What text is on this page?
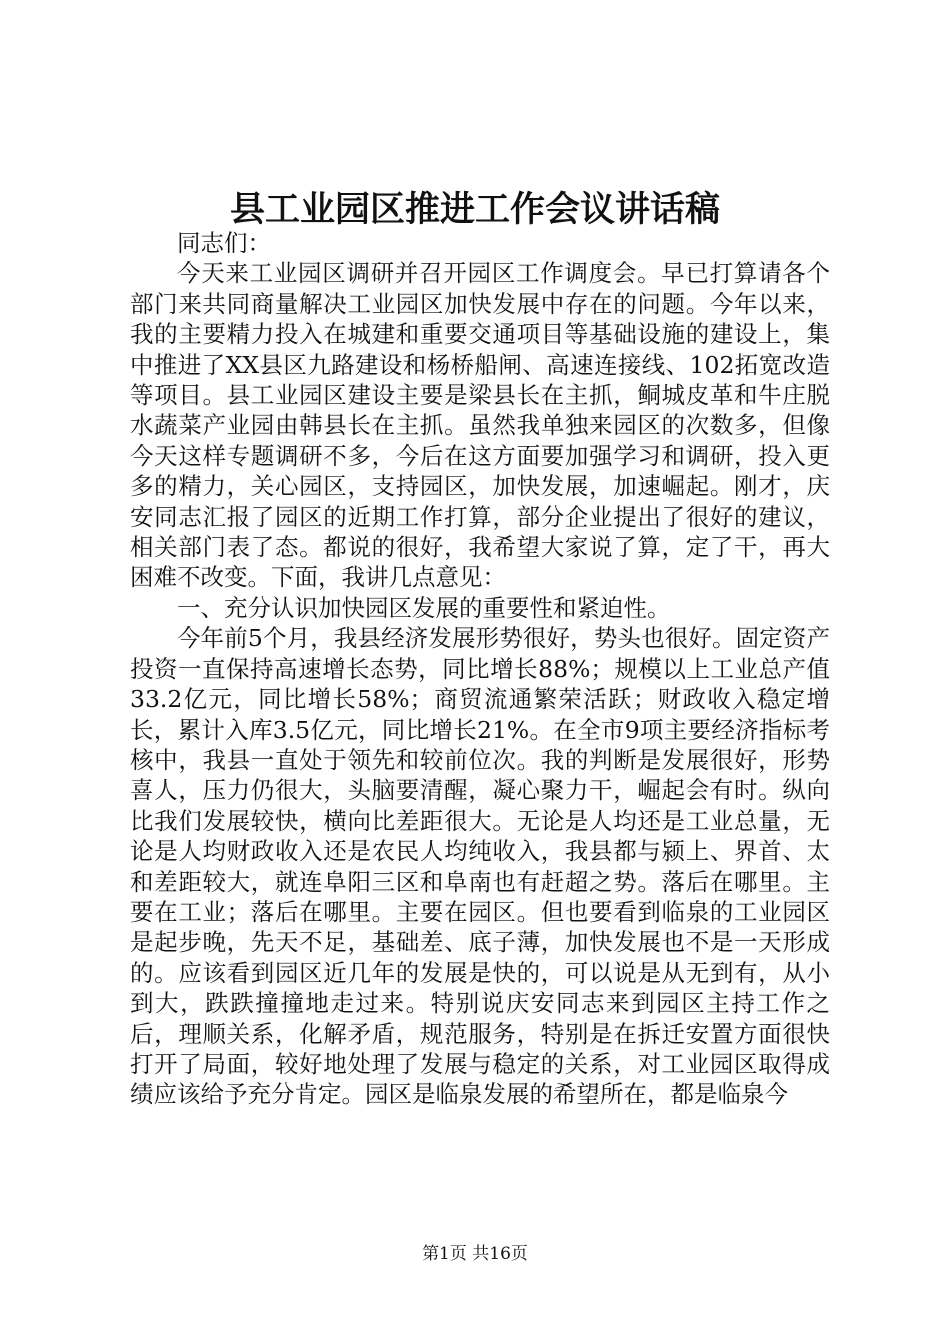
县工业园区推进工作会议讲话稿

同志们：

今天来工业园区调研并召开园区工作调度会。早已打算请各个部门来共同商量解决工业园区加快发展中存在的问题。今年以来，我的主要精力投入在城建和重要交通项目等基础设施的建设上，集中推进了XX县区九路建设和杨桥船闸、高速连接线、102拓宽改造等项目。县工业园区建设主要是梁县长在主抓，鲖城皮革和牛庄脱水蔬菜产业园由韩县长在主抓。虽然我单独来园区的次数多，但像今天这样专题调研不多，今后在这方面要加强学习和调研，投入更多的精力，关心园区，支持园区，加快发展，加速崛起。刚才，庆安同志汇报了园区的近期工作打算，部分企业提出了很好的建议，相关部门表了态。都说的很好，我希望大家说了算，定了干，再大困难不改变。下面，我讲几点意见：

一、充分认识加快园区发展的重要性和紧迫性。

今年前5个月，我县经济发展形势很好，势头也很好。固定资产投资一直保持高速增长态势，同比增长88%；规模以上工业总产值33.2亿元，同比增长58%；商贸流通繁荣活跃；财政收入稳定增长，累计入库3.5亿元，同比增长21%。在全市9项主要经济指标考核中，我县一直处于领先和较前位次。我的判断是发展很好，形势喜人，压力仍很大，头脑要清醒，凝心聚力干，崛起会有时。纵向比我们发展较快，横向比差距很大。无论是人均还是工业总量，无论是人均财政收入还是农民人均纯收入，我县都与颍上、界首、太和差距较大，就连阜阳三区和阜南也有赶超之势。落后在哪里。主要在工业；落后在哪里。主要在园区。但也要看到临泉的工业园区是起步晚，先天不足，基础差、底子薄，加快发展也不是一天形成的。应该看到园区近几年的发展是快的，可以说是从无到有，从小到大，跌跌撞撞地走过来。特别说庆安同志来到园区主持工作之后，理顺关系，化解矛盾，规范服务，特别是在拆迁安置方面很快打开了局面，较好地处理了发展与稳定的关系，对工业园区取得成绩应该给予充分肯定。园区是临泉发展的希望所在，都是临泉今

第1页 共16页
